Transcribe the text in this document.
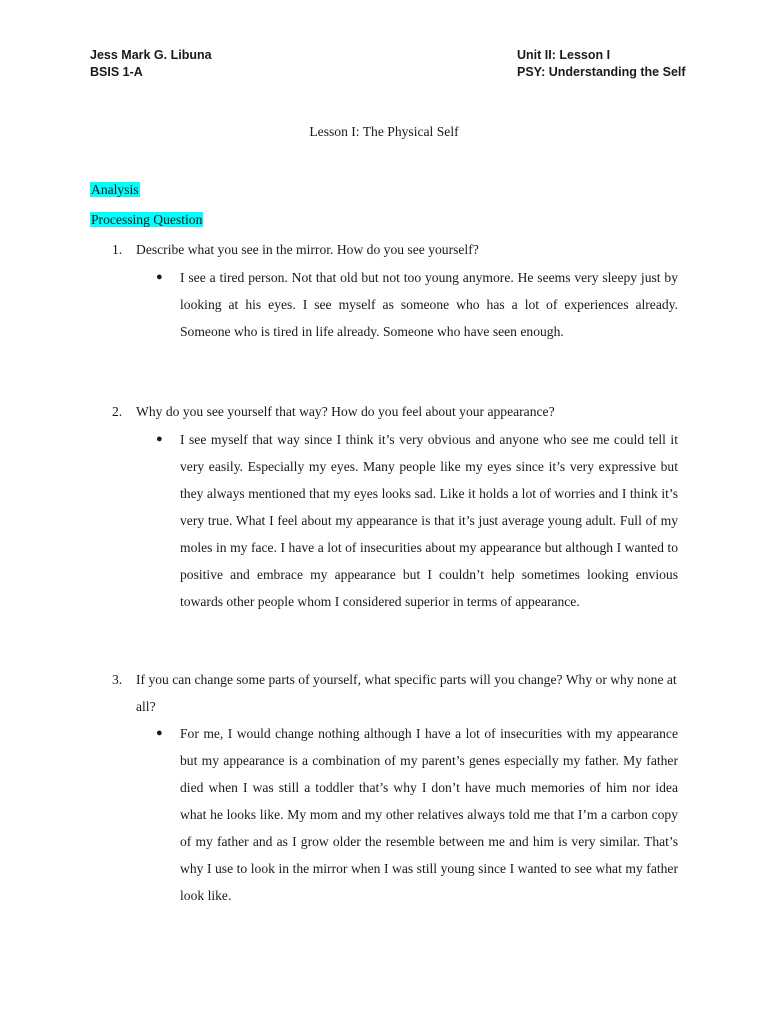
Jess Mark G. Libuna
BSIS 1-A
Unit II: Lesson I
PSY: Understanding the Self
Lesson I: The Physical Self
Analysis
Processing Question
1. Describe what you see in the mirror. How do you see yourself?
● I see a tired person. Not that old but not too young anymore. He seems very sleepy just by looking at his eyes. I see myself as someone who has a lot of experiences already. Someone who is tired in life already. Someone who have seen enough.
2. Why do you see yourself that way? How do you feel about your appearance?
● I see myself that way since I think it’s very obvious and anyone who see me could tell it very easily. Especially my eyes. Many people like my eyes since it’s very expressive but they always mentioned that my eyes looks sad. Like it holds a lot of worries and I think it’s very true. What I feel about my appearance is that it’s just average young adult. Full of my moles in my face. I have a lot of insecurities about my appearance but although I wanted to positive and embrace my appearance but I couldn’t help sometimes looking envious towards other people whom I considered superior in terms of appearance.
3. If you can change some parts of yourself, what specific parts will you change? Why or why none at all?
● For me, I would change nothing although I have a lot of insecurities with my appearance but my appearance is a combination of my parent’s genes especially my father. My father died when I was still a toddler that’s why I don’t have much memories of him nor idea what he looks like. My mom and my other relatives always told me that I’m a carbon copy of my father and as I grow older the resemble between me and him is very similar. That’s why I use to look in the mirror when I was still young since I wanted to see what my father look like.
